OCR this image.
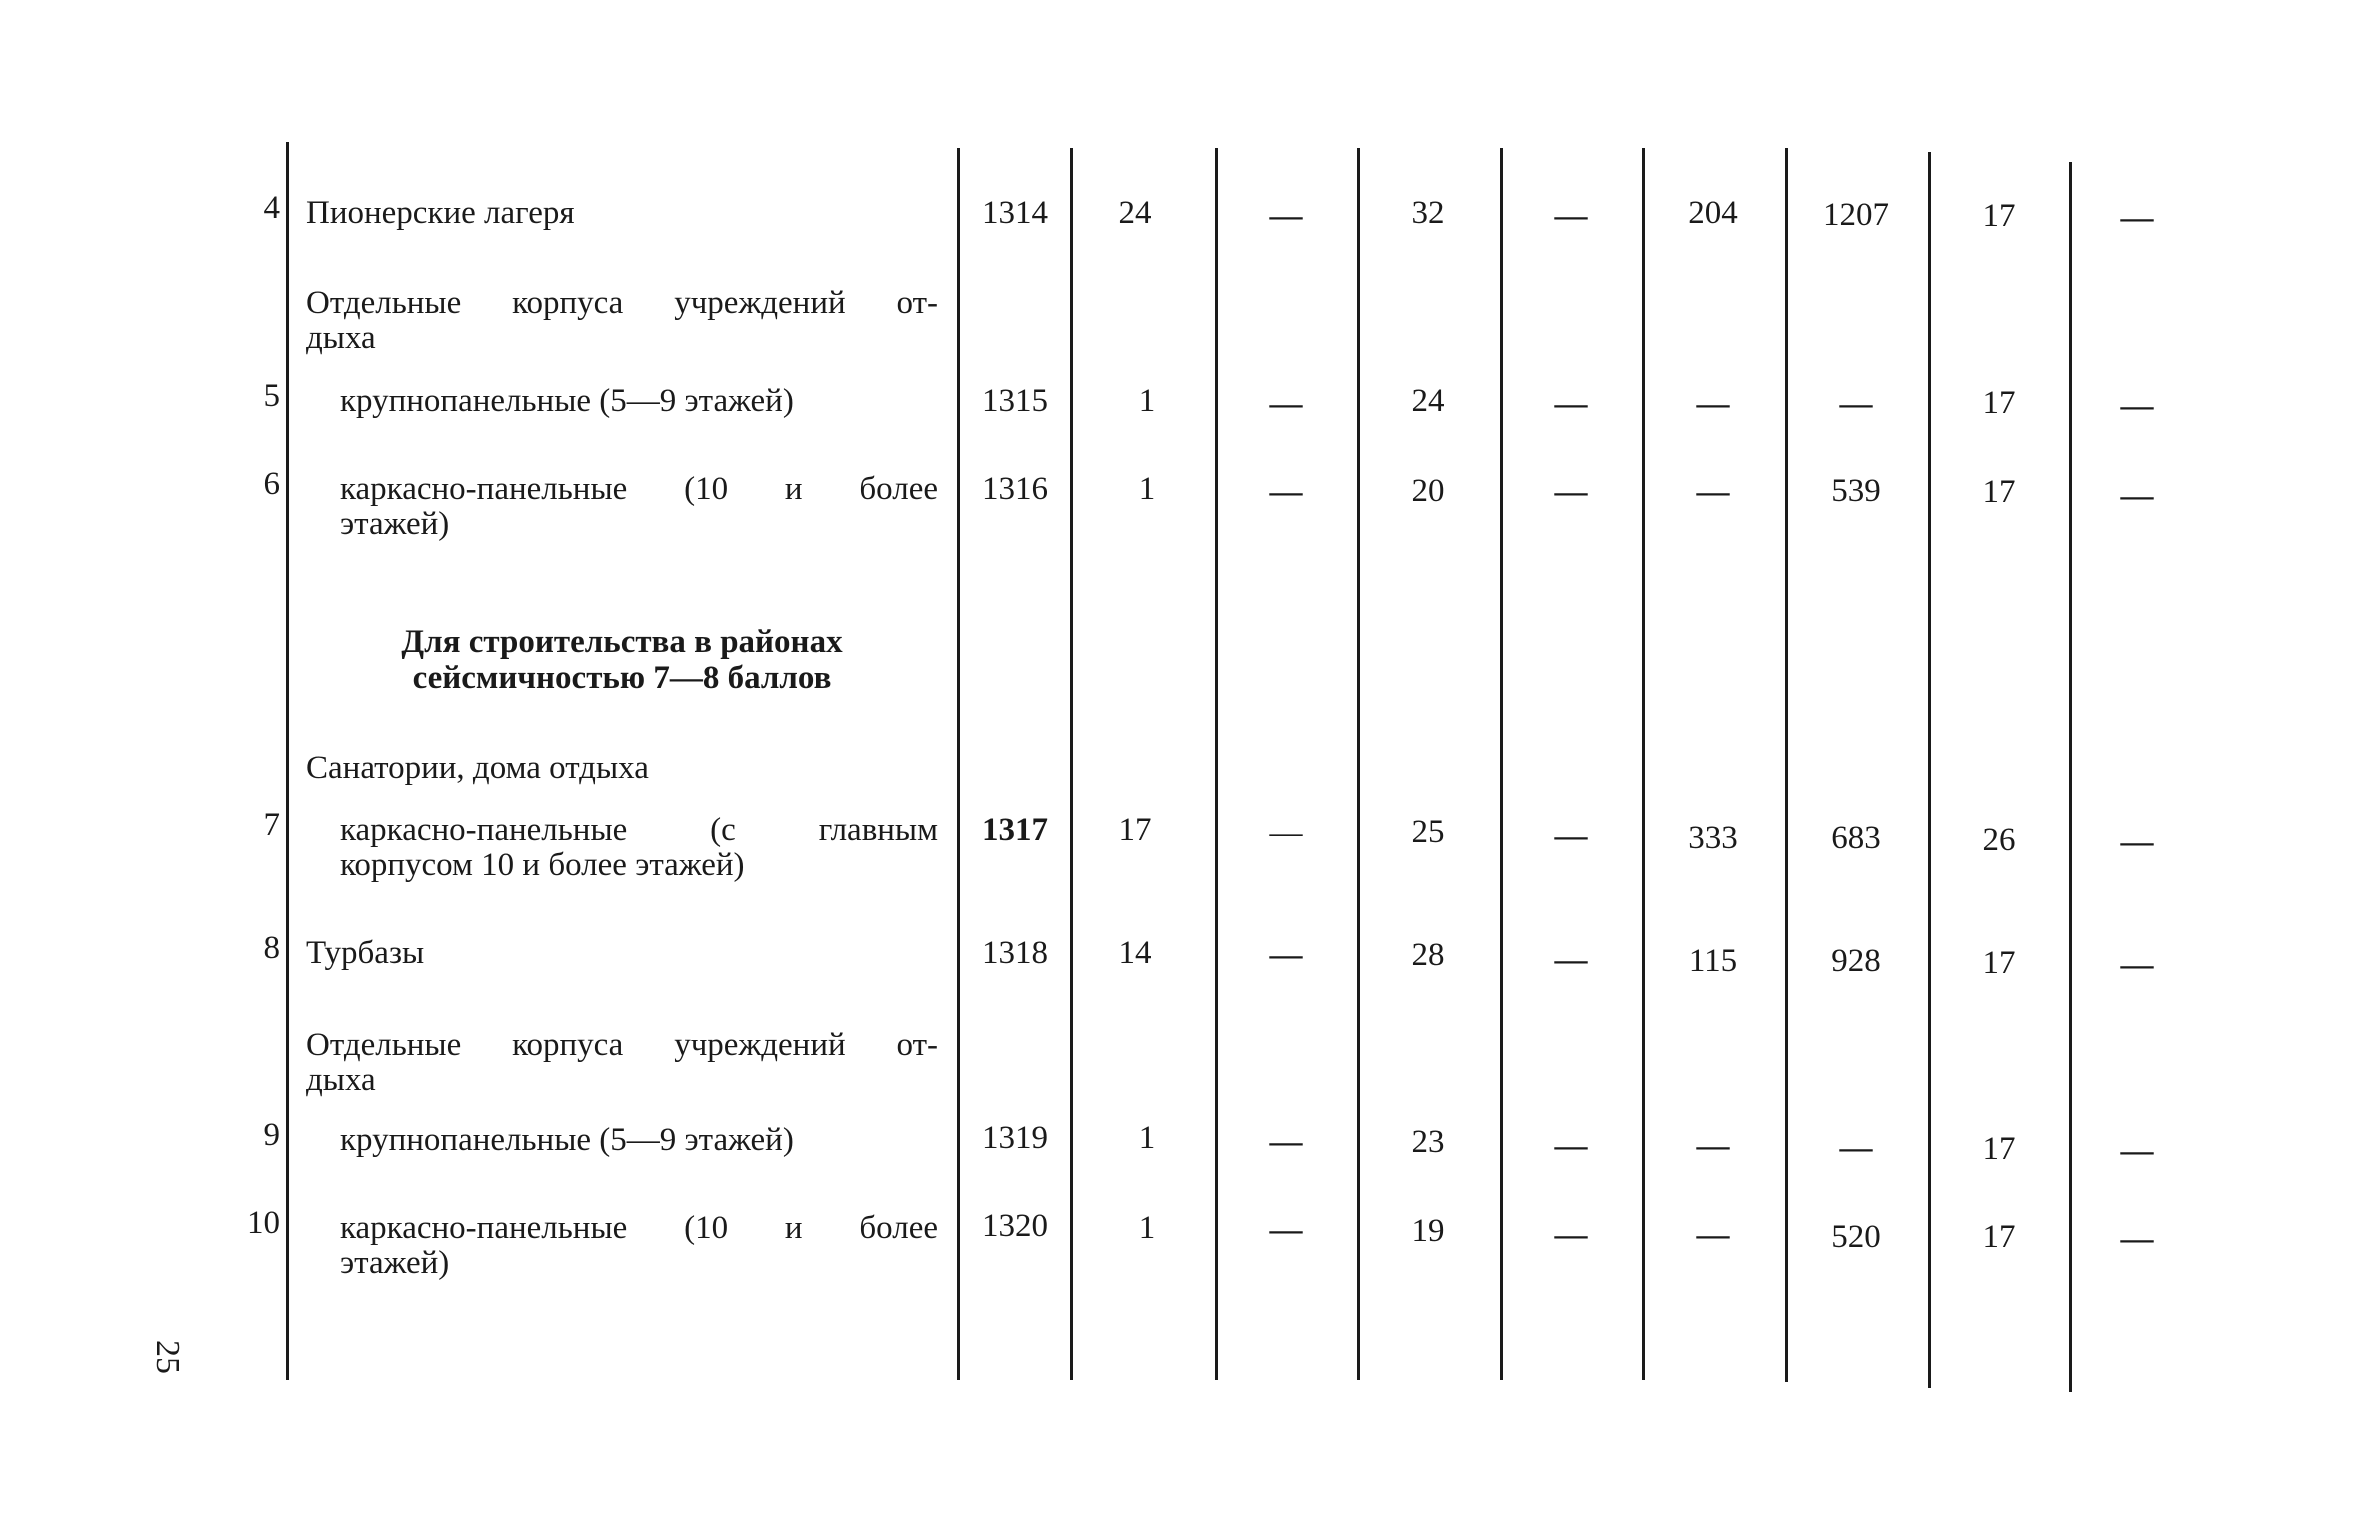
4 Пионерские лагеря	1314	24	—	32	—	204	1207	17	—
Отдельные корпуса учреждений от-
дыха
5 крупнопанельные (5—9 этажей)	1315	1	—	24	—	—	—	17	—
6 каркасно-панельные (10 и более
этажей)
1316	1	—	20	—	—	539	17	—
Для строительства в районах
сейсмичностью 7—8 баллов
Санатории, дома отдыха
7 каркасно-панельные (с главным
корпусом 10 и более этажей)
1317	17	—	25	—	333	683	26	—
8 Турбазы	1318	14	—	28	—	115	928	17	—
Отдельные корпуса учреждений от-
дыха
9 крупнопанельные (5—9 этажей)	1319	1	—	23	—	—	—	17	—
10 каркасно-панельные (10 и более
этажей)
1320	1	—	19	—	—	520	17	—
25
